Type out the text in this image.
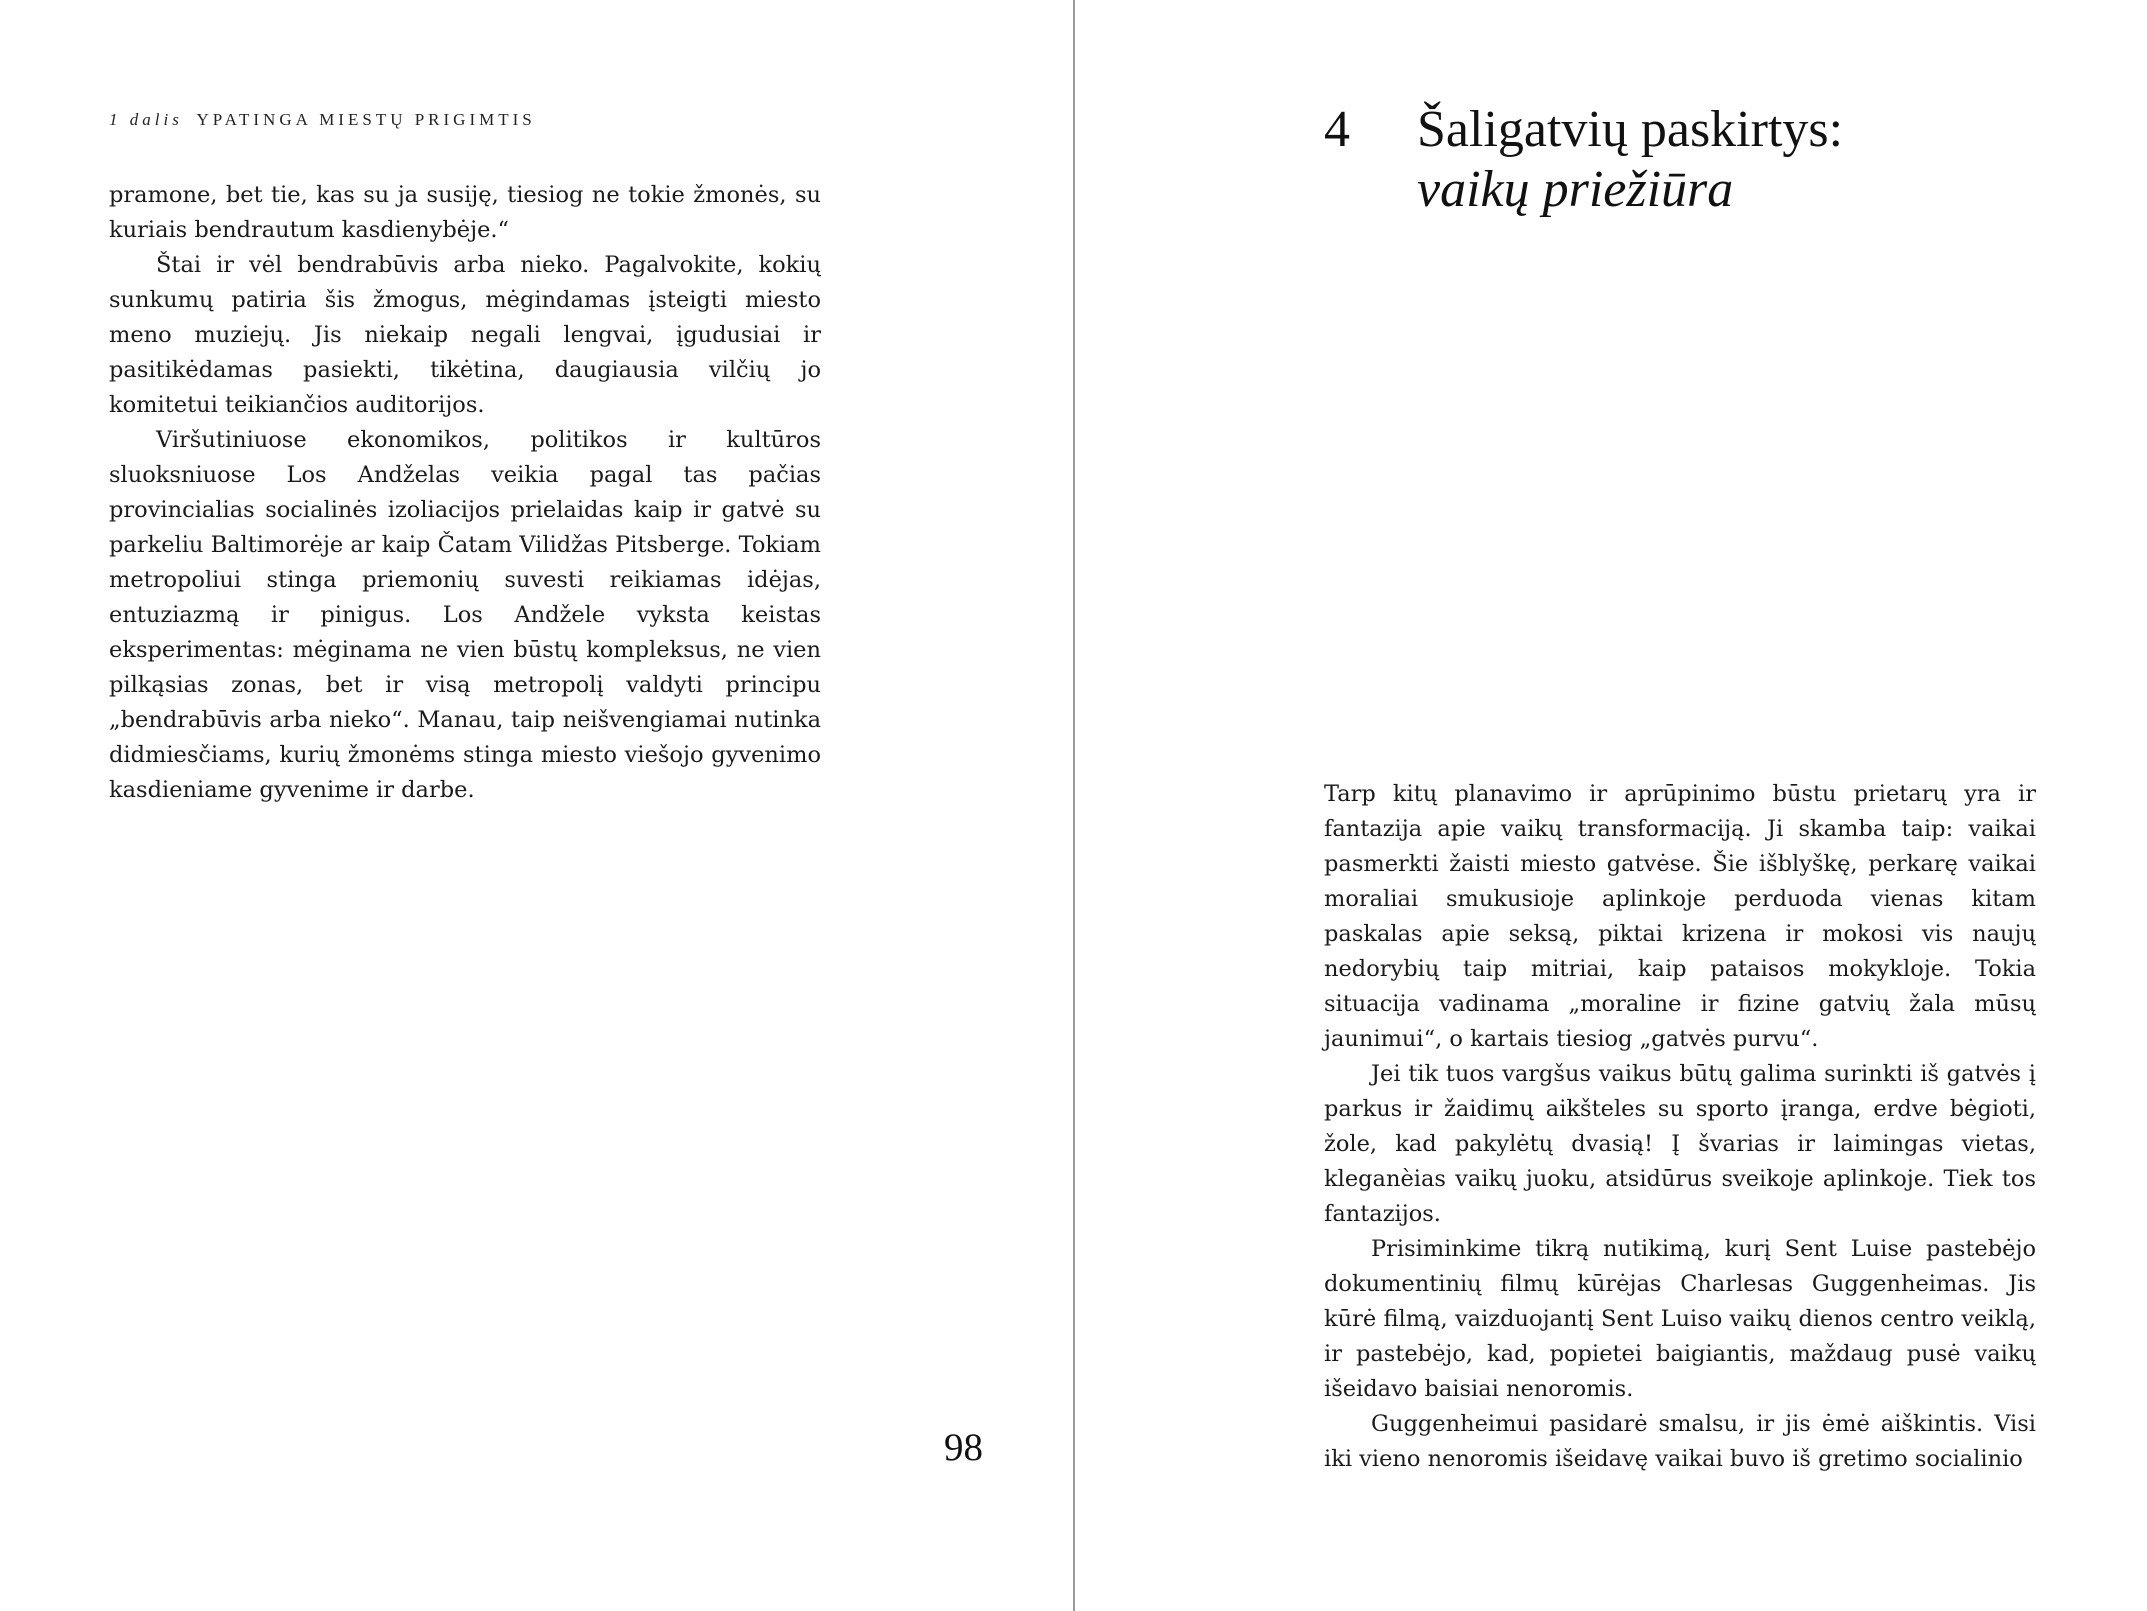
1 dalis YPATINGA MIESTŲ PRIGIMTIS

pramone, bet tie, kas su ja susiję, tiesiog ne tokie žmonės, su kuriais bendrautum kasdienybėje.“

Štai ir vėl bendrabūvis arba nieko. Pagalvokite, kokių sunkumų patiria šis žmogus, mėgindamas įsteigti miesto meno muziejų. Jis niekaip negali lengvai, įgudusiai ir pasitikėdamas pasiekti, tikėtina, daugiausia vilčių jo komitetui teikiančios auditorijos.

Viršutiniuose ekonomikos, politikos ir kultūros sluoksniuose Los Andželas veikia pagal tas pačias provincialias socialinės izoliacijos prielaidas kaip ir gatvė su parkeliu Baltimorėje ar kaip Čatam Vilidžas Pitsberge. Tokiam metropoliui stinga priemonių suvesti reikiamas idėjas, entuziazmą ir pinigus. Los Andžele vyksta keistas eksperimentas: mėginama ne vien būstų kompleksus, ne vien pilkąsias zonas, bet ir visą metropolį valdyti principu „bendrabūvis arba nieko“. Manau, taip neišvengiamai nutinka didmiesčiams, kurių žmonėms stinga miesto viešojo gyvenimo kasdieniame gyvenime ir darbe.

98
4 Šaligatvių paskirtys:
vaikų priežiūra

Tarp kitų planavimo ir aprūpinimo būstu prietarų yra ir fantazija apie vaikų transformaciją. Ji skamba taip: vaikai pasmerkti žaisti miesto gatvėse. Šie išblyškę, perkarę vaikai moraliai smukusioje aplinkoje perduoda vienas kitam paskalas apie seksą, piktai krizena ir mokosi vis naujų nedorybių taip mitriai, kaip pataisos mokykloje. Tokia situacija vadinama „moraline ir fizine gatvių žala mūsų jaunimui“, o kartais tiesiog „gatvės purvu“.

Jei tik tuos vargšus vaikus būtų galima surinkti iš gatvės į parkus ir žaidimų aikšteles su sporto įranga, erdve bėgioti, žole, kad pakylėtų dvasią! Į švarias ir laimingas vietas, kleganèias vaikų juoku, atsidūrus sveikoje aplinkoje. Tiek tos fantazijos.

Prisiminkime tikrą nutikimą, kurį Sent Luise pastebėjo dokumentinių filmų kūrėjas Charlesas Guggenheimas. Jis kūrė filmą, vaizduojantį Sent Luiso vaikų dienos centro veiklą, ir pastebėjo, kad, popietei baigiantis, maždaug pusė vaikų išeidavo baisiai nenoromis.

Guggenheimui pasidarė smalsu, ir jis ėmė aiškintis. Visi iki vieno nenoromis išeidavę vaikai buvo iš gretimo socialinio
